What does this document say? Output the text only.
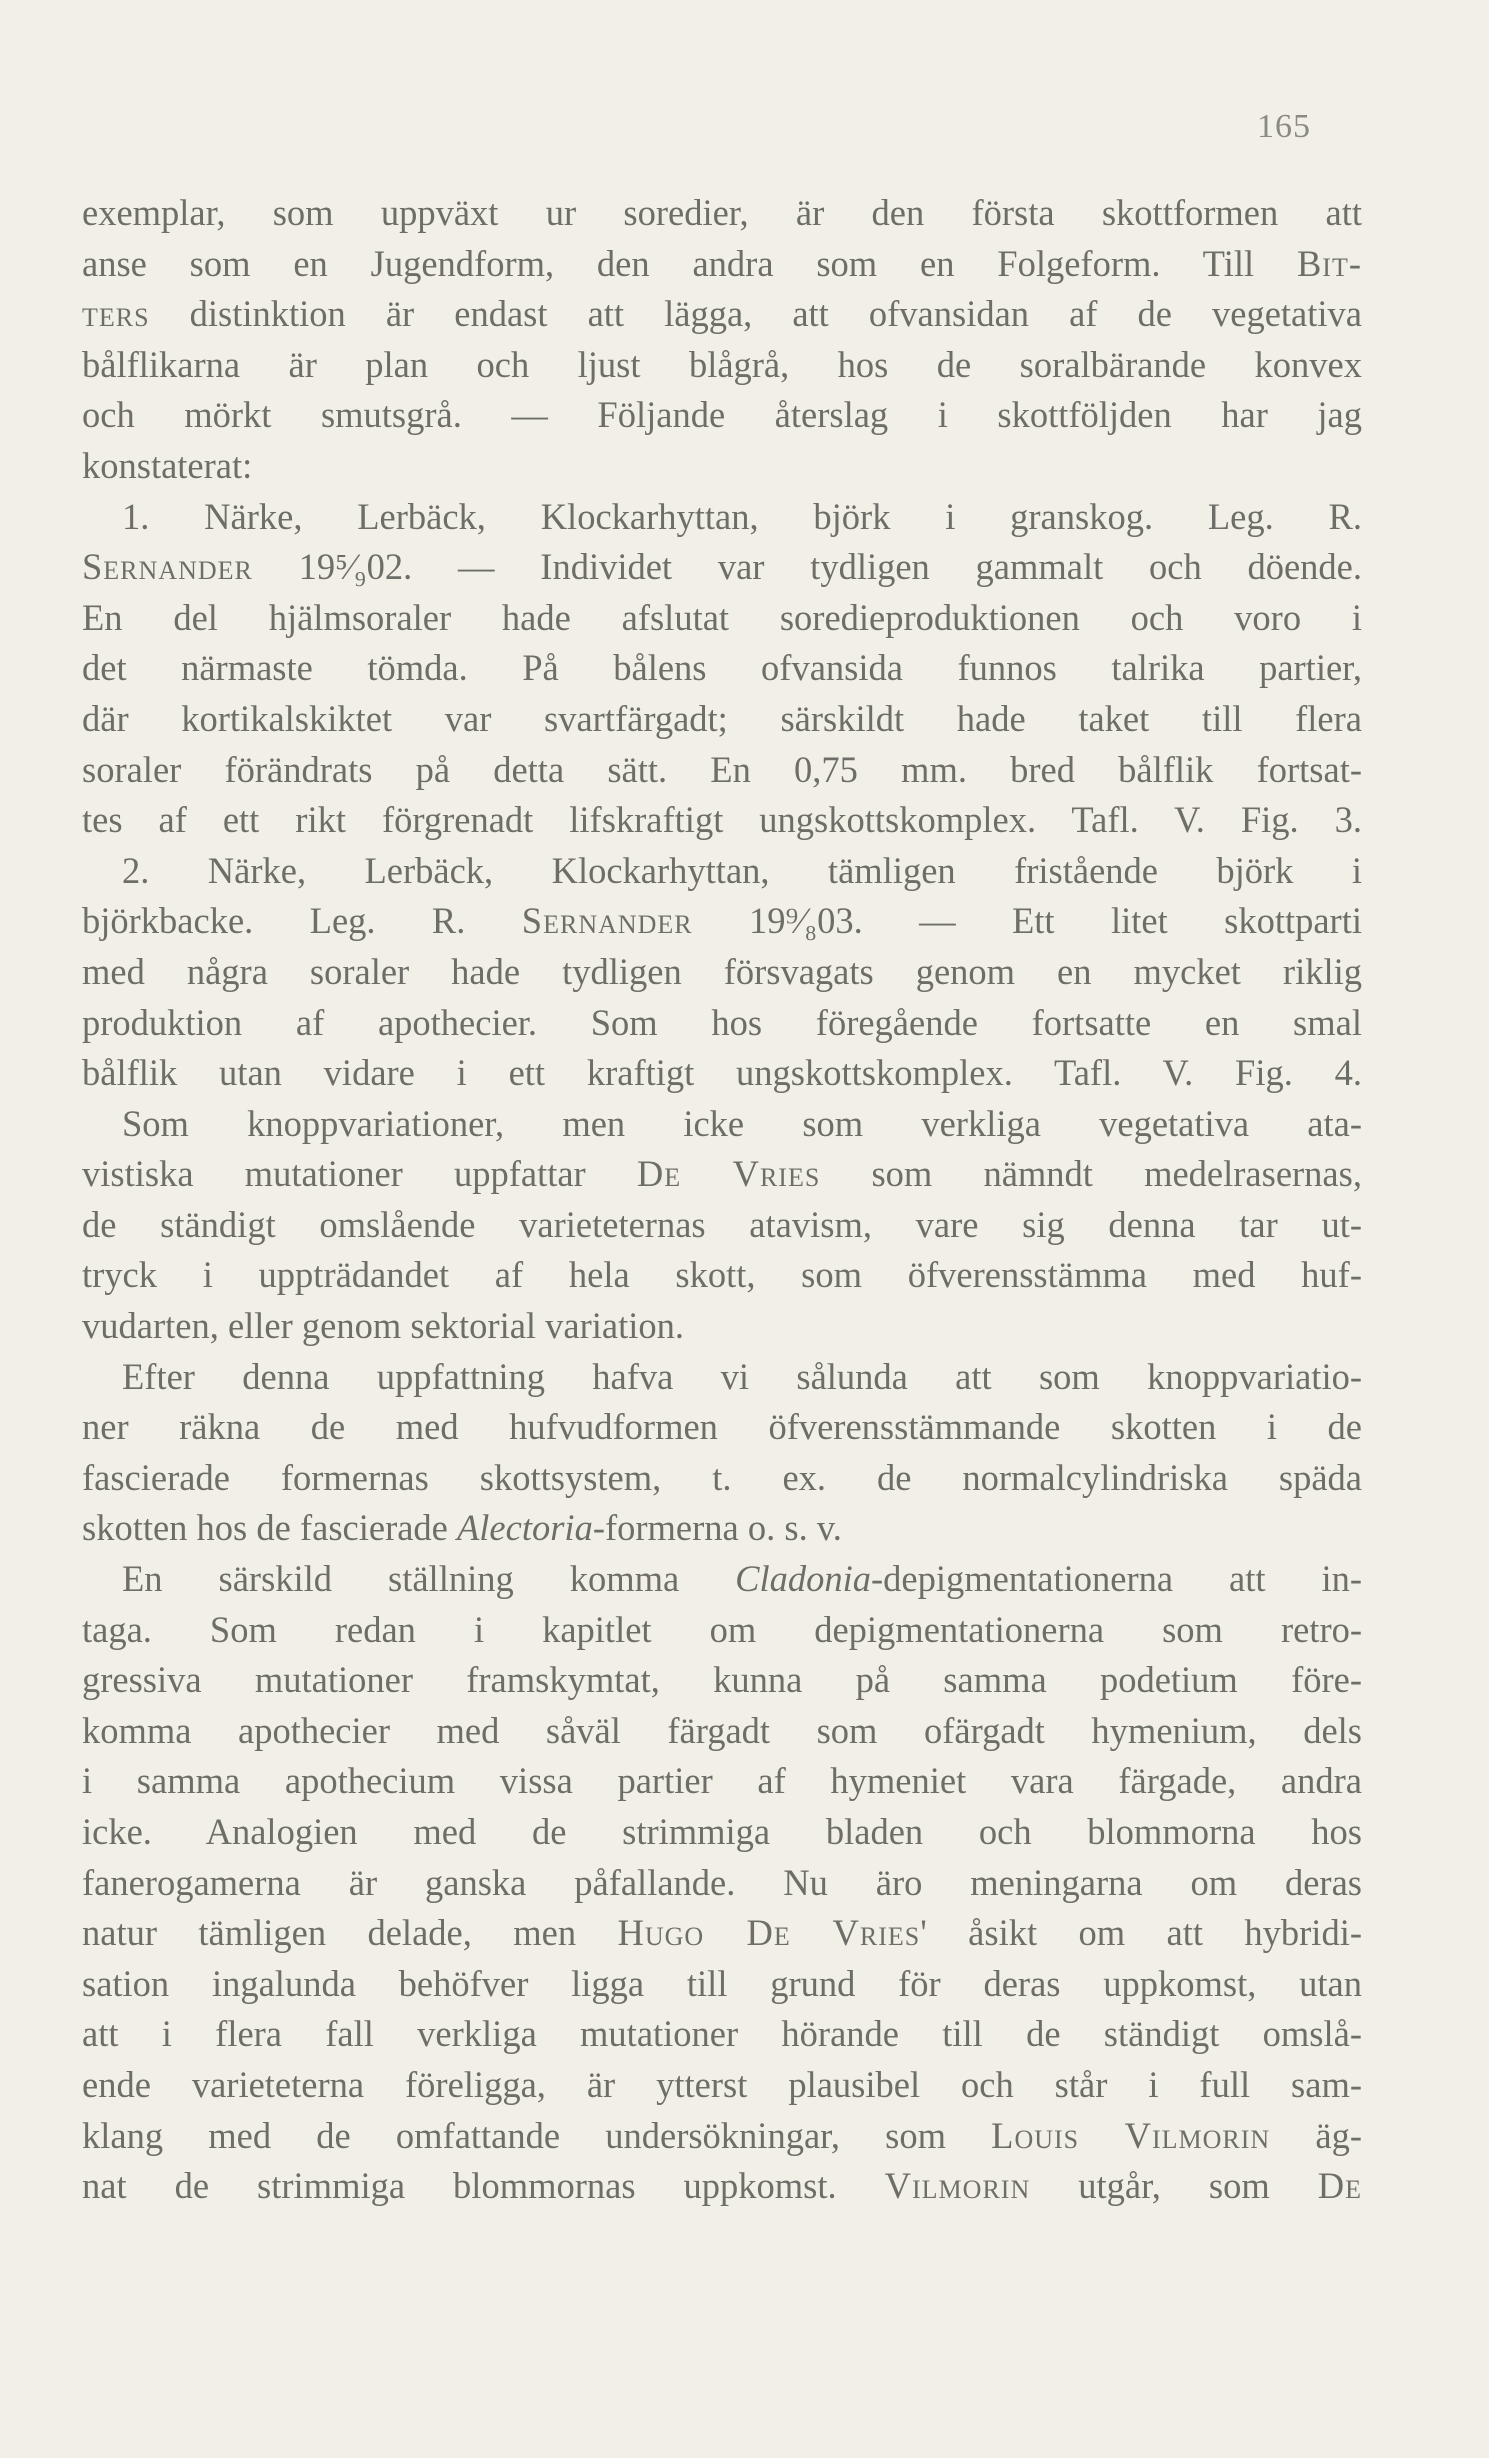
165
exemplar, som uppväxt ur soredier, är den första skottformen att
anse som en Jugendform, den andra som en Folgeform. Till Bit-
ters distinktion är endast att lägga, att ofvansidan af de vegetativa
bålflikarna är plan och ljust blågrå, hos de soralbärande konvex
och mörkt smutsgrå. — Följande återslag i skottföljden har jag
konstaterat:
1. Närke, Lerbäck, Klockarhyttan, björk i granskog. Leg. R.
Sernander 19⁵⁄₉02. — Individet var tydligen gammalt och döende.
En del hjälmsoraler hade afslutat soredieproduktionen och voro i
det närmaste tömda. På bålens ofvansida funnos talrika partier,
där kortikalskiktet var svartfärgadt; särskildt hade taket till flera
soraler förändrats på detta sätt. En 0,75 mm. bred bålflik fortsat-
tes af ett rikt förgrenadt lifskraftigt ungskottskomplex. Tafl. V. Fig. 3.
2. Närke, Lerbäck, Klockarhyttan, tämligen fristående björk i
björkbacke. Leg. R. Sernander 19⁹⁄₈03. — Ett litet skottparti
med några soraler hade tydligen försvagats genom en mycket riklig
produktion af apothecier. Som hos föregående fortsatte en smal
bålflik utan vidare i ett kraftigt ungskottskomplex. Tafl. V. Fig. 4.
Som knoppvariationer, men icke som verkliga vegetativa ata-
vistiska mutationer uppfattar De Vries som nämndt medelrasernas,
de ständigt omslående varieteternas atavism, vare sig denna tar ut-
tryck i uppträdandet af hela skott, som öfverensstämma med huf-
vudarten, eller genom sektorial variation.
Efter denna uppfattning hafva vi sålunda att som knoppvariatio-
ner räkna de med hufvudformen öfverensstämmande skotten i de
fascierade formernas skottsystem, t. ex. de normalcylindriska späda
skotten hos de fascierade Alectoria-formerna o. s. v.
En särskild ställning komma Cladonia-depigmentationerna att in-
taga. Som redan i kapitlet om depigmentationerna som retro-
gressiva mutationer framskymtat, kunna på samma podetium före-
komma apothecier med såväl färgadt som ofärgadt hymenium, dels
i samma apothecium vissa partier af hymeniet vara färgade, andra
icke. Analogien med de strimmiga bladen och blommorna hos
fanerogamerna är ganska påfallande. Nu äro meningarna om deras
natur tämligen delade, men Hugo De Vries' åsikt om att hybridi-
sation ingalunda behöfver ligga till grund för deras uppkomst, utan
att i flera fall verkliga mutationer hörande till de ständigt omslå-
ende varieteterna föreligga, är ytterst plausibel och står i full sam-
klang med de omfattande undersökningar, som Louis Vilmorin äg-
nat de strimmiga blommornas uppkomst. Vilmorin utgår, som De
